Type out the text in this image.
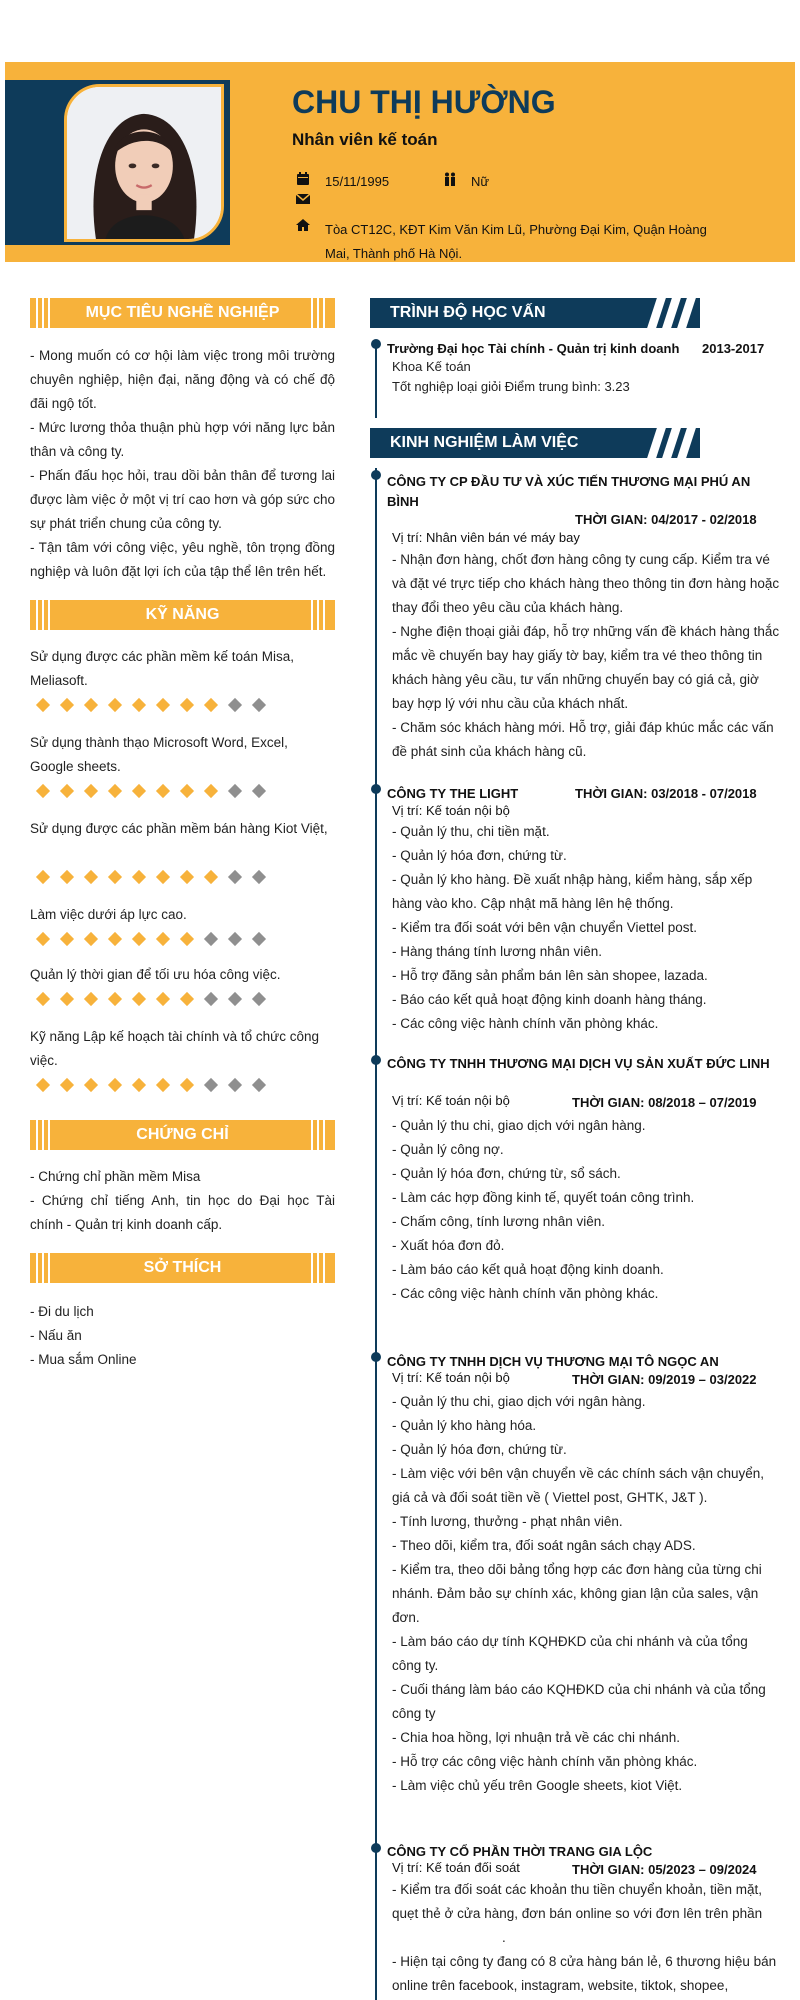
CHU THỊ HƯỜNG
Nhân viên kế toán
15/11/1995	Nữ
Tòa CT12C, KĐT Kim Văn Kim Lũ, Phường Đại Kim, Quận Hoàng
Mai, Thành phố Hà Nội.
MỤC TIÊU NGHỀ NGHIỆP

- Mong muốn có cơ hội làm việc trong môi trường chuyên nghiệp, hiện đại, năng động và có chế độ đãi ngộ tốt.

- Mức lương thỏa thuận phù hợp với năng lực bản thân và công ty.

- Phấn đấu học hỏi, trau dồi bản thân để tương lai được làm việc ở một vị trí cao hơn và góp sức cho sự phát triển chung của công ty.

- Tận tâm với công việc, yêu nghề, tôn trọng đồng nghiệp và luôn đặt lợi ích của tập thể lên trên hết.

KỸ NĂNG
Sử dụng được các phần mềm kế toán Misa, Meliasoft.
Sử dụng thành thạo Microsoft Word, Excel, Google sheets.
Sử dụng được các phần mềm bán hàng Kiot Việt,
Làm việc dưới áp lực cao.
Quản lý thời gian để tối ưu hóa công việc.
Kỹ năng Lập kế hoạch tài chính và tổ chức công việc.
CHỨNG CHỈ

- Chứng chỉ phần mềm Misa

- Chứng chỉ tiếng Anh, tin học do Đại học Tài chính - Quản trị kinh doanh cấp.

SỞ THÍCH

- Đi du lịch

- Nấu ăn

- Mua sắm Online

TRÌNH ĐỘ HỌC VẤN
Trường Đại học Tài chính - Quản trị kinh doanh 2013-2017
Khoa Kế toán
Tốt nghiệp loại giỏi Điểm trung bình: 3.23
KINH NGHIỆM LÀM VIỆC
CÔNG TY CP ĐẦU TƯ VÀ XÚC TIẾN THƯƠNG MẠI PHÚ AN BÌNH
THỜI GIAN: 04/2017 - 02/2018
Vị trí: Nhân viên bán vé máy bay

- Nhận đơn hàng, chốt đơn hàng công ty cung cấp. Kiểm tra vé và đặt vé trực tiếp cho khách hàng theo thông tin đơn hàng hoặc thay đổi theo yêu cầu của khách hàng.

- Nghe điện thoại giải đáp, hỗ trợ những vấn đề khách hàng thắc mắc về chuyến bay hay giấy tờ bay, kiểm tra vé theo thông tin khách hàng yêu cầu, tư vấn những chuyến bay có giá cả, giờ bay hợp lý với nhu cầu của khách nhất.

- Chăm sóc khách hàng mới. Hỗ trợ, giải đáp khúc mắc các vấn đề phát sinh của khách hàng cũ.

CÔNG TY THE LIGHT	THỜI GIAN: 03/2018 - 07/2018
Vị trí: Kế toán nội bộ

- Quản lý thu, chi tiền mặt.

- Quản lý hóa đơn, chứng từ.

- Quản lý kho hàng. Đề xuất nhập hàng, kiểm hàng, sắp xếp hàng vào kho. Cập nhật mã hàng lên hệ thống.

- Kiểm tra đối soát với bên vận chuyển Viettel post.

- Hàng tháng tính lương nhân viên.

- Hỗ trợ đăng sản phẩm bán lên sàn shopee, lazada.

- Báo cáo kết quả hoạt động kinh doanh hàng tháng.

- Các công việc hành chính văn phòng khác.

CÔNG TY TNHH THƯƠNG MẠI DỊCH VỤ SẢN XUẤT ĐỨC LINH
Vị trí: Kế toán nội bộ	THỜI GIAN: 08/2018 – 07/2019

- Quản lý thu chi, giao dịch với ngân hàng.

- Quản lý công nợ.

- Quản lý hóa đơn, chứng từ, sổ sách.

- Làm các hợp đồng kinh tế, quyết toán công trình.

- Chấm công, tính lương nhân viên.

- Xuất hóa đơn đỏ.

- Làm báo cáo kết quả hoạt động kinh doanh.

- Các công việc hành chính văn phòng khác.

CÔNG TY TNHH DỊCH VỤ THƯƠNG MẠI TÔ NGỌC AN
Vị trí: Kế toán nội bộ	THỜI GIAN: 09/2019 – 03/2022

- Quản lý thu chi, giao dịch với ngân hàng.

- Quản lý kho hàng hóa.

- Quản lý hóa đơn, chứng từ.

- Làm việc với bên vận chuyển về các chính sách vận chuyển, giá cả và đối soát tiền về ( Viettel post, GHTK, J&T ).

- Tính lương, thưởng - phạt nhân viên.

- Theo dõi, kiểm tra, đối soát ngân sách chạy ADS.

- Kiểm tra, theo dõi bảng tổng hợp các đơn hàng của từng chi nhánh. Đảm bảo sự chính xác, không gian lận của sales, vận đơn.

- Làm báo cáo dự tính KQHĐKD của chi nhánh và của tổng công ty.

- Cuối tháng làm báo cáo KQHĐKD của chi nhánh và của tổng công ty

- Chia hoa hồng, lợi nhuận trả về các chi nhánh.

- Hỗ trợ các công việc hành chính văn phòng khác.

- Làm việc chủ yếu trên Google sheets, kiot Việt.

CÔNG TY CỔ PHẦN THỜI TRANG GIA LỘC
Vị trí: Kế toán đối soát	THỜI GIAN: 05/2023 – 09/2024

- Kiểm tra đối soát các khoản thu tiền chuyển khoản, tiền mặt, quẹt thẻ ở cửa hàng, đơn bán online so với đơn lên trên phần

.

- Hiện tại công ty đang có 8 cửa hàng bán lẻ, 6 thương hiệu bán online trên facebook, instagram, website, tiktok, shopee,
